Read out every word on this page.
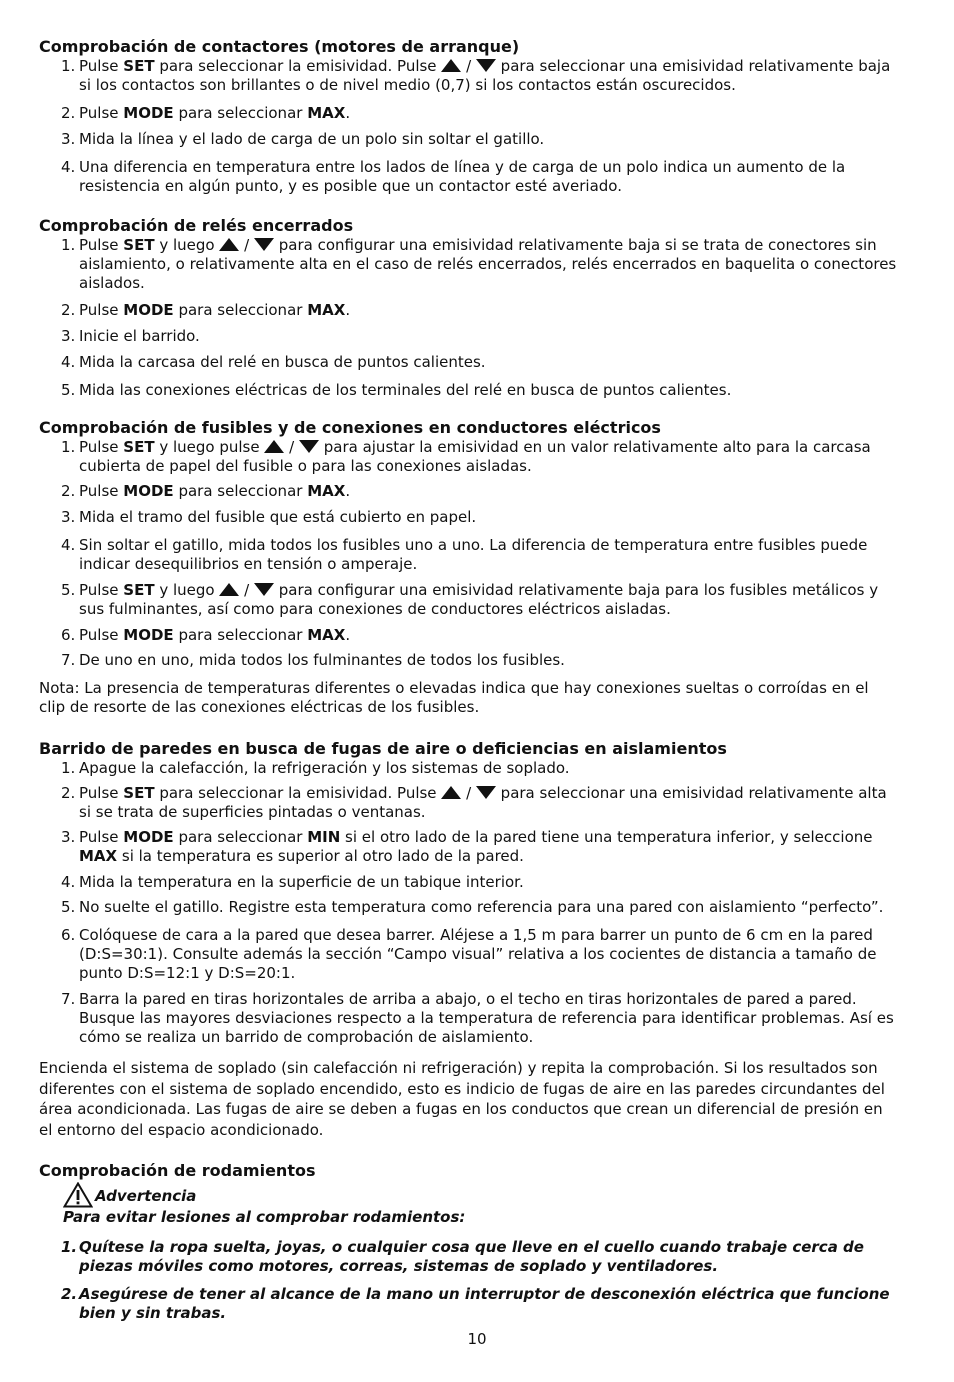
Comprobación de contactores (motores de arranque)
1. Pulse SET para seleccionar la emisividad. Pulse
/
para seleccionar una emisividad relativamente baja si los contactos son brillantes o de nivel medio (0,7) si los contactos están oscurecidos.
2. Pulse MODE para seleccionar MAX.
3. Mida la línea y el lado de carga de un polo sin soltar el gatillo.
4. Una diferencia en temperatura entre los lados de línea y de carga de un polo indica un aumento de la resistencia en algún punto, y es posible que un contactor esté averiado.
Comprobación de relés encerrados
1. Pulse SET y luego
/
para configurar una emisividad relativamente baja si se trata de conectores sin aislamiento, o relativamente alta en el caso de relés encerrados, relés encerrados en baquelita o conectores aislados.
2. Pulse MODE para seleccionar MAX.
3. Inicie el barrido.
4. Mida la carcasa del relé en busca de puntos calientes.
5. Mida las conexiones eléctricas de los terminales del relé en busca de puntos calientes.
Comprobación de fusibles y de conexiones en conductores eléctricos
1. Pulse SET y luego pulse
/
para ajustar la emisividad en un valor relativamente alto para la carcasa cubierta de papel del fusible o para las conexiones aisladas.
2. Pulse MODE para seleccionar MAX.
3. Mida el tramo del fusible que está cubierto en papel.
4. Sin soltar el gatillo, mida todos los fusibles uno a uno. La diferencia de temperatura entre fusibles puede indicar desequilibrios en tensión o amperaje.
5. Pulse SET y luego
/
para configurar una emisividad relativamente baja para los fusibles metálicos y sus fulminantes, así como para conexiones de conductores eléctricos aisladas.
6. Pulse MODE para seleccionar MAX.
7. De uno en uno, mida todos los fulminantes de todos los fusibles.
Nota: La presencia de temperaturas diferentes o elevadas indica que hay conexiones sueltas o corroídas en el clip de resorte de las conexiones eléctricas de los fusibles.
Barrido de paredes en busca de fugas de aire o deficiencias en aislamientos
1. Apague la calefacción, la refrigeración y los sistemas de soplado.
2. Pulse SET para seleccionar la emisividad. Pulse
/
para seleccionar una emisividad relativamente alta si se trata de superficies pintadas o ventanas.
3. Pulse MODE para seleccionar MIN si el otro lado de la pared tiene una temperatura inferior, y seleccione MAX si la temperatura es superior al otro lado de la pared.
4. Mida la temperatura en la superficie de un tabique interior.
5. No suelte el gatillo. Registre esta temperatura como referencia para una pared con aislamiento “perfecto”.
6. Colóquese de cara a la pared que desea barrer. Aléjese a 1,5 m para barrer un punto de 6 cm en la pared (D:S=30:1). Consulte además la sección “Campo visual” relativa a los cocientes de distancia a tamaño de punto D:S=12:1 y D:S=20:1.
7. Barra la pared en tiras horizontales de arriba a abajo, o el techo en tiras horizontales de pared a pared. Busque las mayores desviaciones respecto a la temperatura de referencia para identificar problemas. Así es cómo se realiza un barrido de comprobación de aislamiento.
Encienda el sistema de soplado (sin calefacción ni refrigeración) y repita la comprobación. Si los resultados son diferentes con el sistema de soplado encendido, esto es indicio de fugas de aire en las paredes circundantes del área acondicionada. Las fugas de aire se deben a fugas en los conductos que crean un diferencial de presión en el entorno del espacio acondicionado.
Comprobación de rodamientos
Advertencia
Para evitar lesiones al comprobar rodamientos:
1. Quítese la ropa suelta, joyas, o cualquier cosa que lleve en el cuello cuando trabaje cerca de piezas móviles como motores, correas, sistemas de soplado y ventiladores.
2. Asegúrese de tener al alcance de la mano un interruptor de desconexión eléctrica que funcione bien y sin trabas.
10
